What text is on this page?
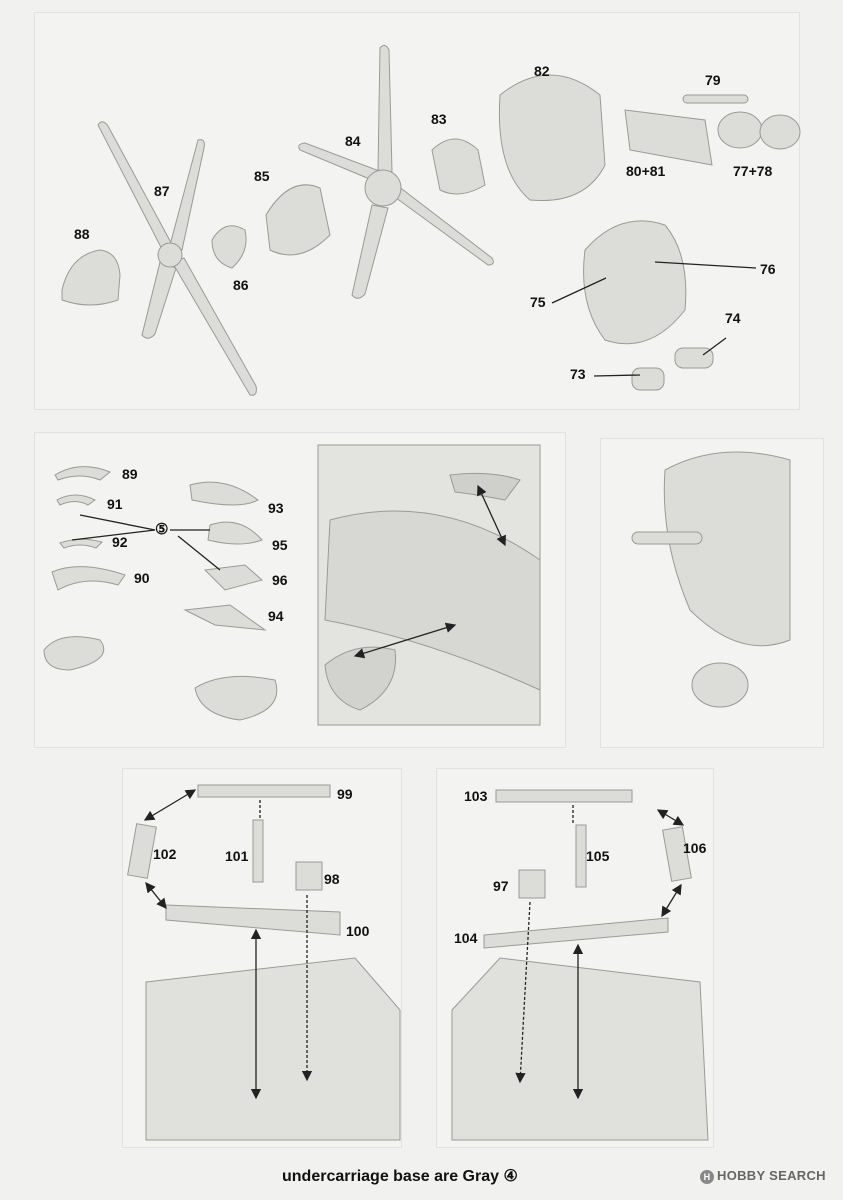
88
87
86
85
84
83
82
79
80+81	77+78
76
75
74
73
89
91
92
90
⑤
93
95
96
94
99
102	101
98
100
103
106
105
97
104
undercarriage base are Gray ④	H HOBBY SEARCH
